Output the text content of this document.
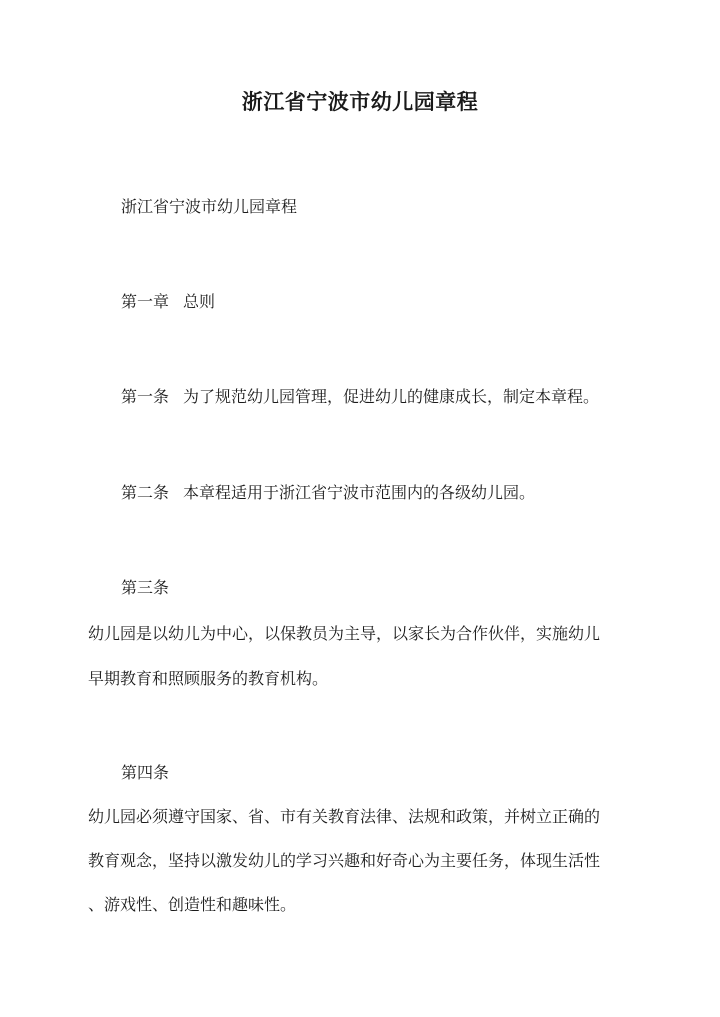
浙江省宁波市幼儿园章程
浙江省宁波市幼儿园章程
第一章 总则
第一条 为了规范幼儿园管理，促进幼儿的健康成长，制定本章程。
第二条 本章程适用于浙江省宁波市范围内的各级幼儿园。
第三条
幼儿园是以幼儿为中心，以保教员为主导，以家长为合作伙伴，实施幼儿
早期教育和照顾服务的教育机构。
第四条
幼儿园必须遵守国家、省、市有关教育法律、法规和政策，并树立正确的
教育观念，坚持以激发幼儿的学习兴趣和好奇心为主要任务，体现生活性
、游戏性、创造性和趣味性。
